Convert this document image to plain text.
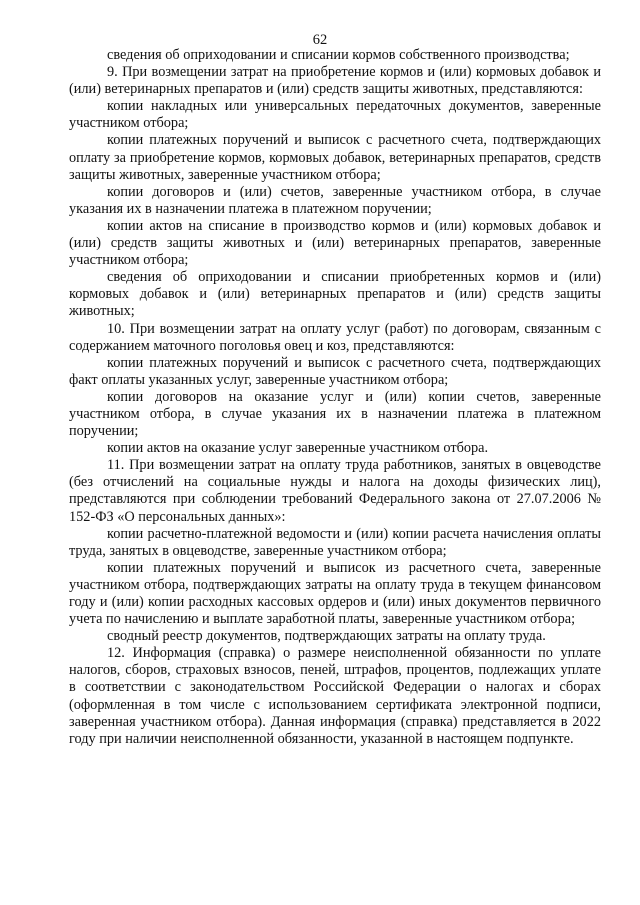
62

сведения об оприходовании и списании кормов собственного производства;

9. При возмещении затрат на приобретение кормов и (или) кормовых добавок и (или) ветеринарных препаратов и (или) средств защиты животных, представляются:

копии накладных или универсальных передаточных документов, заверенные участником отбора;

копии платежных поручений и выписок с расчетного счета, подтверждающих оплату за приобретение кормов, кормовых добавок, ветеринарных препаратов, средств защиты животных, заверенные участником отбора;

копии договоров и (или) счетов, заверенные участником отбора, в случае указания их в назначении платежа в платежном поручении;

копии актов на списание в производство кормов и (или) кормовых добавок и (или) средств защиты животных и (или) ветеринарных препаратов, заверенные участником отбора;

сведения об оприходовании и списании приобретенных кормов и (или) кормовых добавок и (или) ветеринарных препаратов и (или) средств защиты животных;

10. При возмещении затрат на оплату услуг (работ) по договорам, связанным с содержанием маточного поголовья овец и коз, представляются:

копии платежных поручений и выписок с расчетного счета, подтверждающих факт оплаты указанных услуг, заверенные участником отбора;

копии договоров на оказание услуг и (или) копии счетов, заверенные участником отбора, в случае указания их в назначении платежа в платежном поручении;

копии актов на оказание услуг заверенные участником отбора.

11. При возмещении затрат на оплату труда работников, занятых в овцеводстве (без отчислений на социальные нужды и налога на доходы физических лиц), представляются при соблюдении требований Федерального закона от 27.07.2006 № 152-ФЗ «О персональных данных»:

копии расчетно-платежной ведомости и (или) копии расчета начисления оплаты труда, занятых в овцеводстве, заверенные участником отбора;

копии платежных поручений и выписок из расчетного счета, заверенные участником отбора, подтверждающих затраты на оплату труда в текущем финансовом году и (или) копии расходных кассовых ордеров и (или) иных документов первичного учета по начислению и выплате заработной платы, заверенные участником отбора;

сводный реестр документов, подтверждающих затраты на оплату труда.

12. Информация (справка) о размере неисполненной обязанности по уплате налогов, сборов, страховых взносов, пеней, штрафов, процентов, подлежащих уплате в соответствии с законодательством Российской Федерации о налогах и сборах (оформленная в том числе с использованием сертификата электронной подписи, заверенная участником отбора). Данная информация (справка) представляется в 2022 году при наличии неисполненной обязанности, указанной в настоящем подпункте.
